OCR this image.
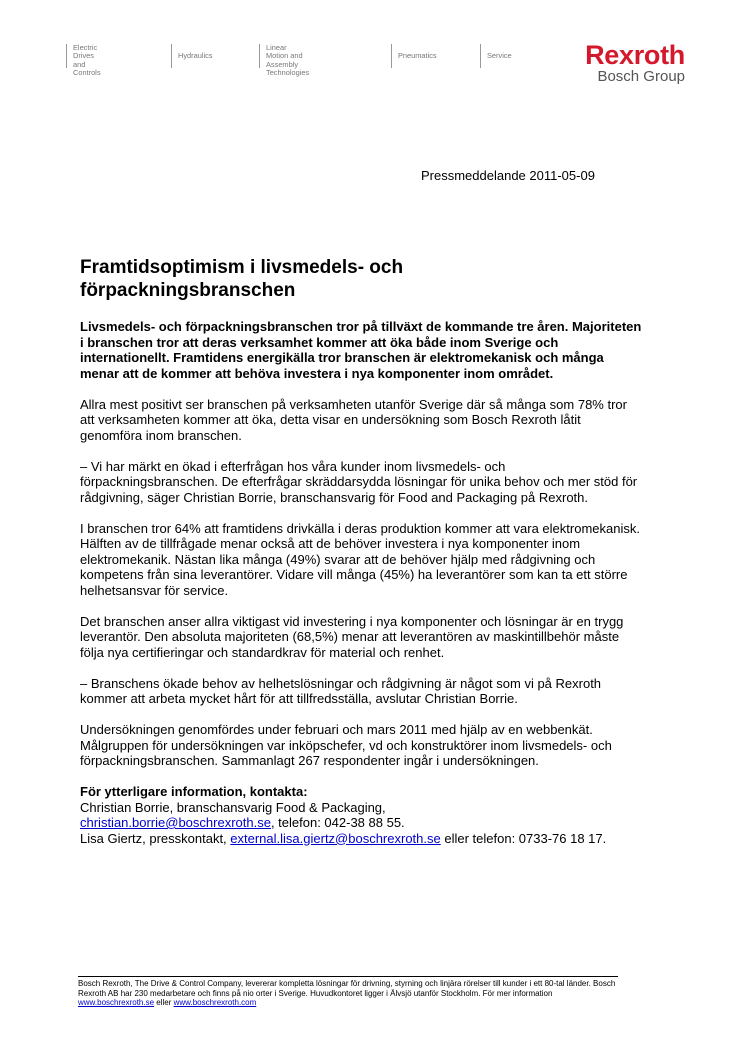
Electric Drives
and Controls

Hydraulics
Linear Motion and
Assembly Technologies

Pneumatics	
Service	Rexroth
Bosch Group
Pressmeddelande 2011-05-09
Framtidsoptimism i livsmedels- och förpackningsbranschen

Livsmedels- och förpackningsbranschen tror på tillväxt de kommande tre åren. Majoriteten i branschen tror att deras verksamhet kommer att öka både inom Sverige och internationellt. Framtidens energikälla tror branschen är elektromekanisk och många menar att de kommer att behöva investera i nya komponenter inom området.

Allra mest positivt ser branschen på verksamheten utanför Sverige där så många som 78% tror att verksamheten kommer att öka, detta visar en undersökning som Bosch Rexroth låtit genomföra inom branschen.

– Vi har märkt en ökad i efterfrågan hos våra kunder inom livsmedels- och förpackningsbranschen. De efterfrågar skräddarsydda lösningar för unika behov och mer stöd för rådgivning, säger Christian Borrie, branschansvarig för Food and Packaging på Rexroth.

I branschen tror 64% att framtidens drivkälla i deras produktion kommer att vara elektromekanisk. Hälften av de tillfrågade menar också att de behöver investera i nya komponenter inom elektromekanik. Nästan lika många (49%) svarar att de behöver hjälp med rådgivning och kompetens från sina leverantörer. Vidare vill många (45%) ha leverantörer som kan ta ett större helhetsansvar för service.

Det branschen anser allra viktigast vid investering i nya komponenter och lösningar är en trygg leverantör. Den absoluta majoriteten (68,5%) menar att leverantören av maskintillbehör måste följa nya certifieringar och standardkrav för material och renhet.

– Branschens ökade behov av helhetslösningar och rådgivning är något som vi på Rexroth kommer att arbeta mycket hårt för att tillfredsställa, avslutar Christian Borrie.

Undersökningen genomfördes under februari och mars 2011 med hjälp av en webbenkät. Målgruppen för undersökningen var inköpschefer, vd och konstruktörer inom livsmedels- och förpackningsbranschen. Sammanlagt 267 respondenter ingår i undersökningen.

För ytterligare information, kontakta:
Christian Borrie, branschansvarig Food & Packaging,
christian.borrie@boschrexroth.se, telefon: 042-38 88 55.
Lisa Giertz, presskontakt, external.lisa.giertz@boschrexroth.se eller telefon: 0733-76 18 17.
Bosch Rexroth, The Drive & Control Company, levererar kompletta lösningar för drivning, styrning och linjära rörelser till kunder i ett 80-tal länder. Bosch Rexroth AB har 230 medarbetare och finns på nio orter i Sverige. Huvudkontoret ligger i Älvsjö utanför Stockholm. För mer information www.boschrexroth.se eller www.boschrexroth.com
